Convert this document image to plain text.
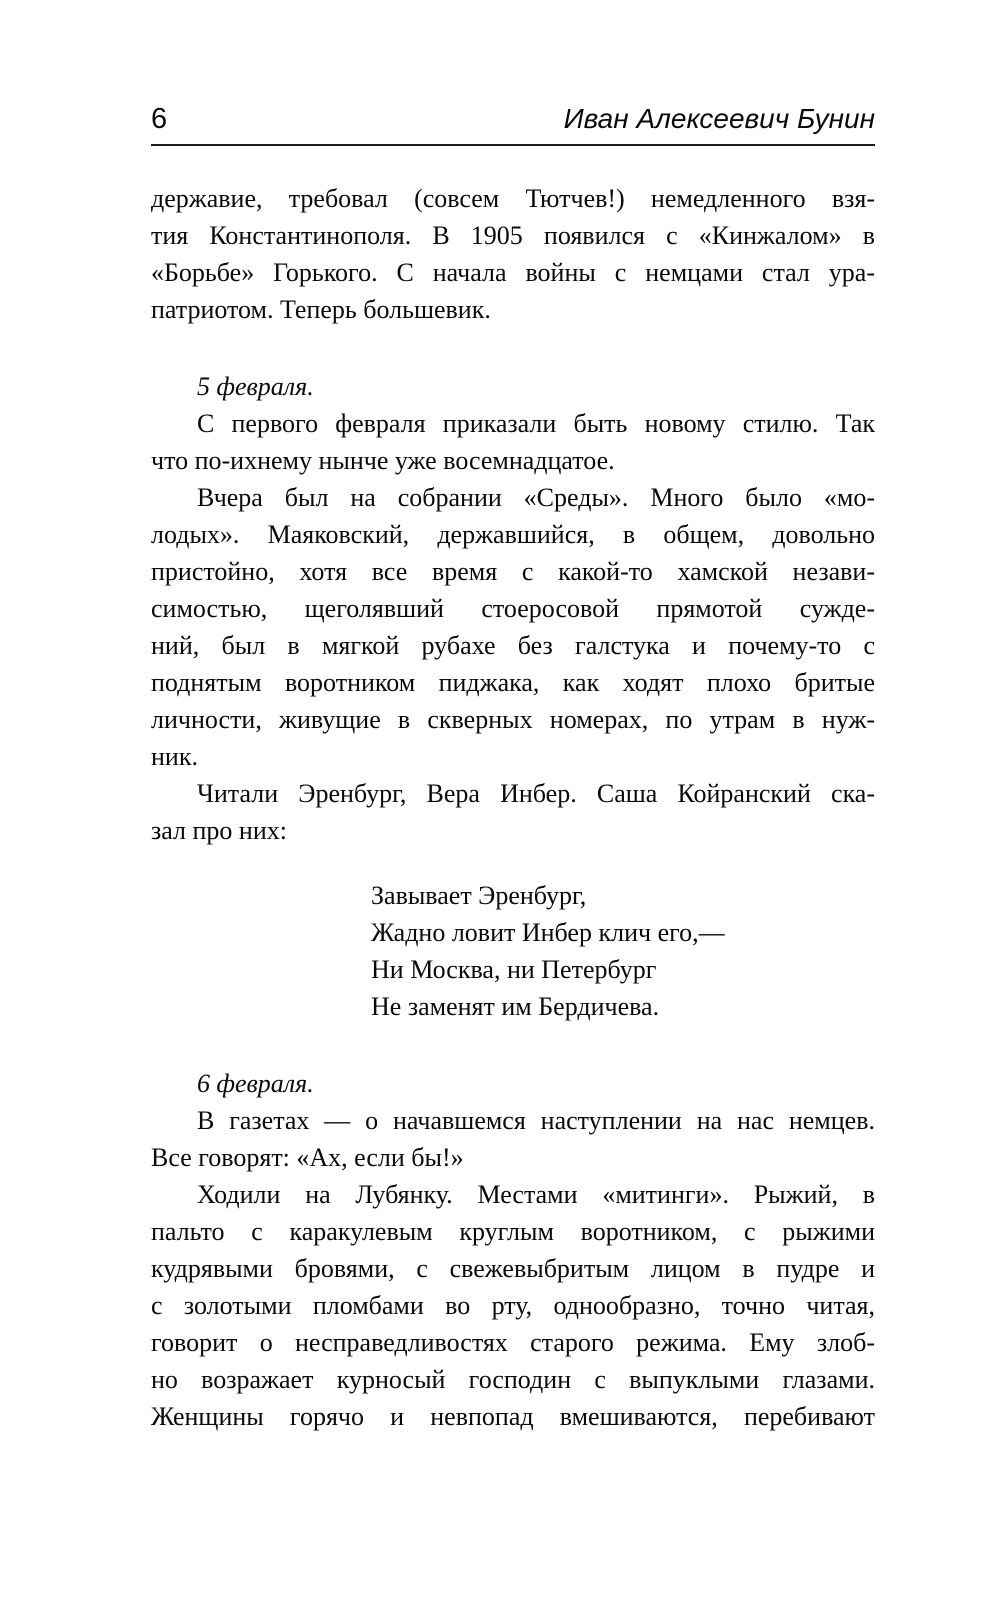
6	Иван Алексеевич Бунин
державие, требовал (совсем Тютчев!) немедленного взя-
тия Константинополя. В 1905 появился с «Кинжалом» в
«Борьбе» Горького. С начала войны с немцами стал ура-
патриотом. Теперь большевик.
5 февраля.
С первого февраля приказали быть новому стилю. Так
что по-ихнему нынче уже восемнадцатое.
Вчера был на собрании «Среды». Много было «мо-
лодых». Маяковский, державшийся, в общем, довольно
пристойно, хотя все время с какой-то хамской незави-
симостью, щеголявший стоеросовой прямотой сужде-
ний, был в мягкой рубахе без галстука и почему-то с
поднятым воротником пиджака, как ходят плохо бритые
личности, живущие в скверных номерах, по утрам в нуж-
ник.
Читали Эренбург, Вера Инбер. Саша Койранский ска-
зал про них:
Завывает Эренбург,
Жадно ловит Инбер клич его,—
Ни Москва, ни Петербург
Не заменят им Бердичева.
6 февраля.
В газетах — о начавшемся наступлении на нас немцев.
Все говорят: «Ах, если бы!»
Ходили на Лубянку. Местами «митинги». Рыжий, в
пальто с каракулевым круглым воротником, с рыжими
кудрявыми бровями, с свежевыбритым лицом в пудре и
с золотыми пломбами во рту, однообразно, точно читая,
говорит о несправедливостях старого режима. Ему злоб-
но возражает курносый господин с выпуклыми глазами.
Женщины горячо и невпопад вмешиваются, перебивают
